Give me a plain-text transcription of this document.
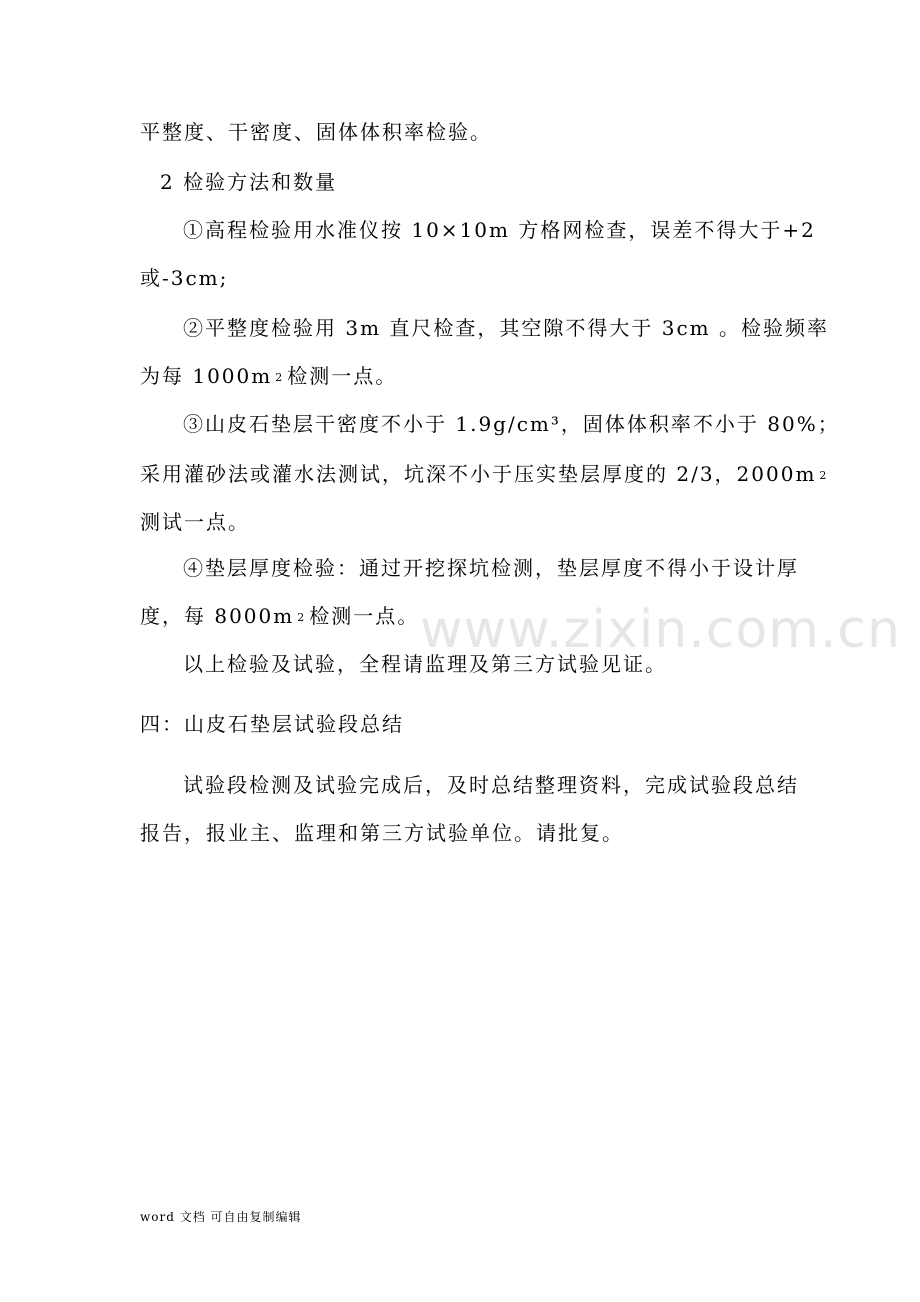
平整度、干密度、固体体积率检验。
2 检验方法和数量
①高程检验用水准仪按 10×10m 方格网检查，误差不得大于+2
或-3cm;
②平整度检验用 3m 直尺检查，其空隙不得大于 3cm 。检验频率
为每 1000m 2 检测一点。
③山皮石垫层干密度不小于 1.9g/cm³，固体体积率不小于 80%；
采用灌砂法或灌水法测试，坑深不小于压实垫层厚度的 2/3，2000m 2
测试一点。
④垫层厚度检验：通过开挖探坑检测，垫层厚度不得小于设计厚
度，每 8000m 2 检测一点。
以上检验及试验，全程请监理及第三方试验见证。
四：山皮石垫层试验段总结
试验段检测及试验完成后，及时总结整理资料，完成试验段总结
报告，报业主、监理和第三方试验单位。请批复。
www.zixin.com.cn
word 文档 可自由复制编辑
